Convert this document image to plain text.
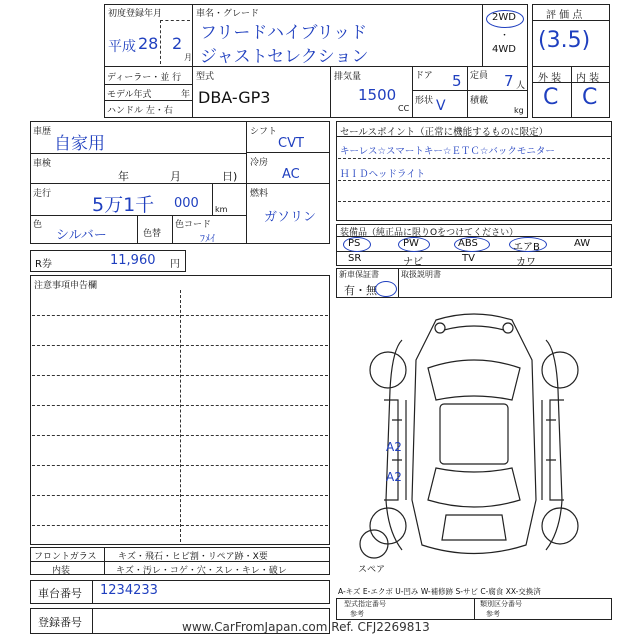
初度登録年月
平成 28 2
月
車名・グレード
フリードハイブリッド
ジャストセレクション
2WD
・
4WD
ディーラー・並 行
モデル年式	年
ハンドル 左・右
型式
DBA-GP3
排気量
1500
CC
ドア 5
形状 V
定員 7 人
積載
kg
評 価 点
(3.5)
外 装 内 装
C C
車歴
自家用
車検
年	月	日)
走行 5万1千 000 km
色
シルバー	色替
色コード
ﾌﾒｲ
シフト
CVT
冷房
AC
燃料
ガソリン
セールスポイント（正常に機能するものに限定）
キーレス☆スマートキー☆ＥＴＣ☆バックモニター
ＨＩＤヘッドライト
装備品（純正品に限りOをつけてください）
PS	PW	ABS	エアB	AW
SR	ナビ	TV	カワ
新車保証書
有・無
取扱説明書
R券	11,960 円
注意事項申告欄
A2
A2
スペア
A-キズ E-エクボ U-凹み W-補修跡 S-サビ C-腐食 XX-交換済
フロントガラス キズ・飛石・ヒビ割・リペア跡・X要
内装	キズ・汚レ・コゲ・穴・スレ・キレ・破レ
車台番号 1234233
登録番号
型式指定番号
参考
類別区分番号
参考
www.CarFromJapan.com Ref. CFJ2269813
